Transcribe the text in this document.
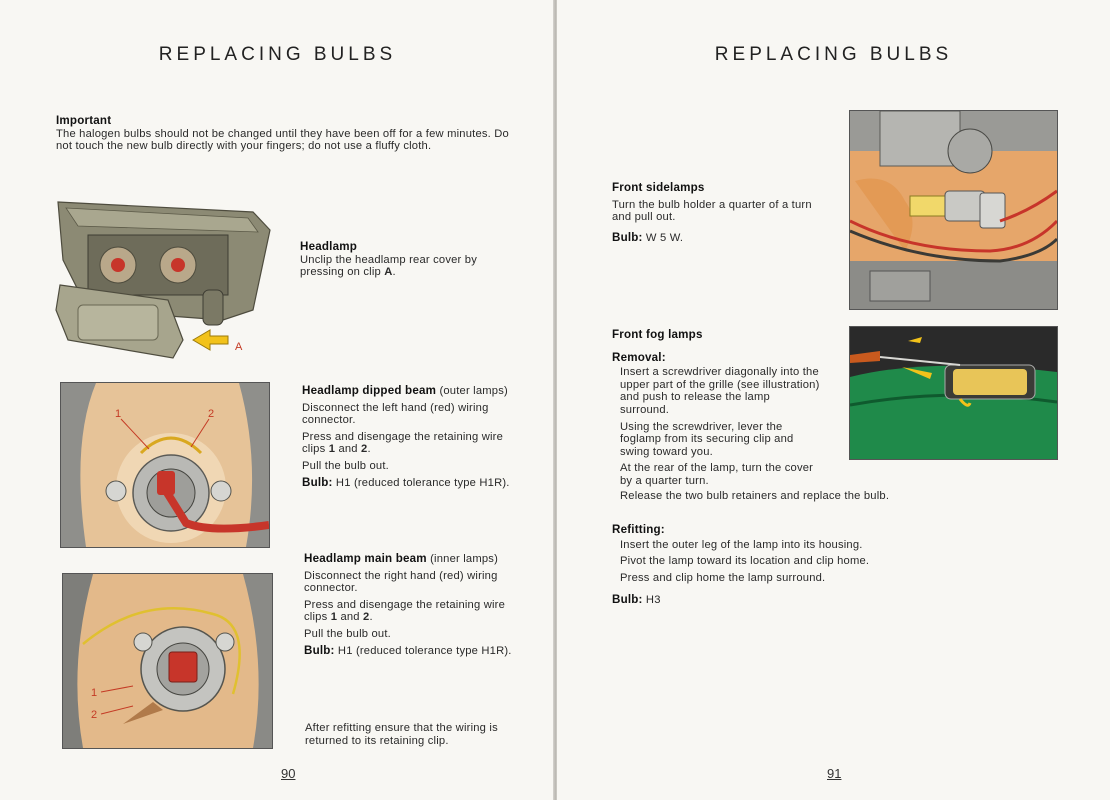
REPLACING BULBS
Important
The halogen bulbs should not be changed until they have been off for a few minutes. Do not touch the new bulb directly with your fingers; do not use a fluffy cloth.
A
Headlamp
Unclip the headlamp rear cover by pressing on clip A.
1	2

Headlamp dipped beam (outer lamps)

Disconnect the left hand (red) wiring connector.

Press and disengage the retaining wire clips 1 and 2.

Pull the bulb out.

Bulb: H1 (reduced tolerance type H1R).

1
2

Headlamp main beam (inner lamps)

Disconnect the right hand (red) wiring connector.

Press and disengage the retaining wire clips 1 and 2.

Pull the bulb out.

Bulb: H1 (reduced tolerance type H1R).

After refitting ensure that the wiring is returned to its retaining clip.
90
REPLACING BULBS

Front sidelamps

Turn the bulb holder a quarter of a turn and pull out.

Bulb: W 5 W.

Front fog lamps

Removal:

Insert a screwdriver diagonally into the upper part of the grille (see illustration) and push to release the lamp surround.

Using the screwdriver, lever the foglamp from its securing clip and swing toward you.

At the rear of the lamp, turn the cover by a quarter turn.

Release the two bulb retainers and replace the bulb.

Refitting:

Insert the outer leg of the lamp into its housing.

Pivot the lamp toward its location and clip home.

Press and clip home the lamp surround.

Bulb: H3

91
